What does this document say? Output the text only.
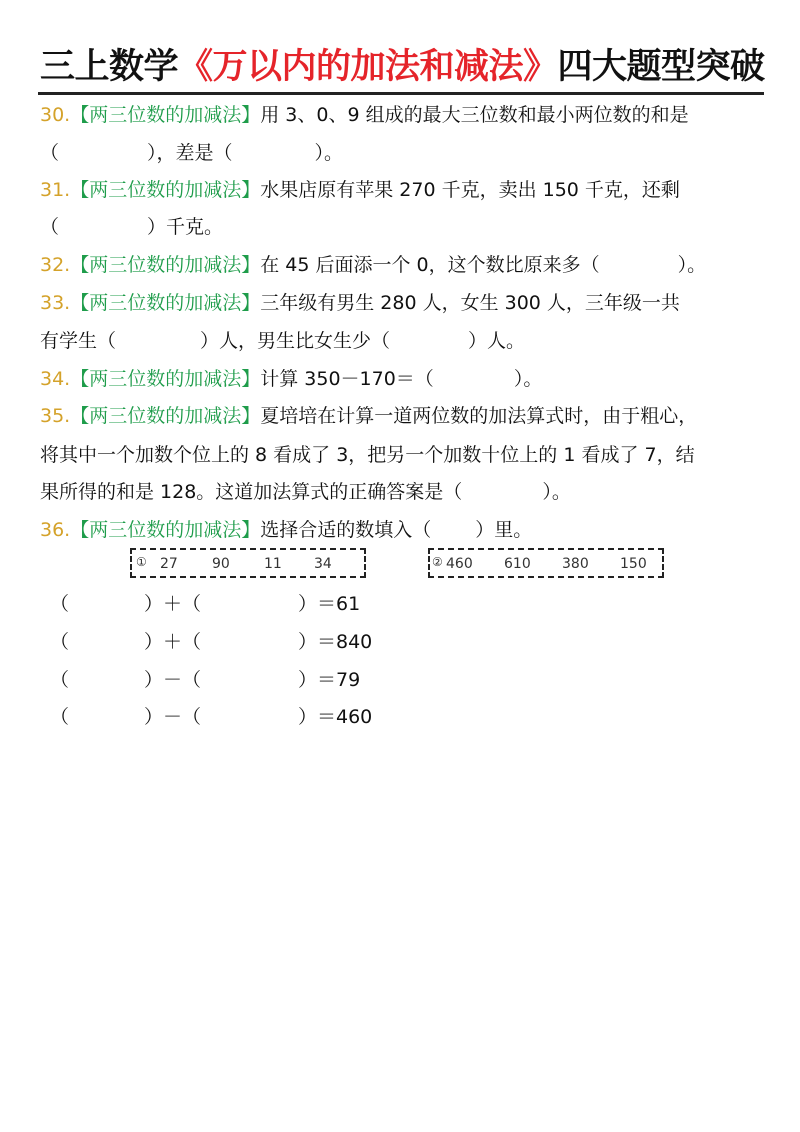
三上数学《万以内的加法和减法》四大题型突破
30.【两三位数的加减法】用 3、0、9 组成的最大三位数和最小两位数的和是
（	），差是（	）。
31.【两三位数的加减法】水果店原有苹果 270 千克，卖出 150 千克，还剩
（	）千克。
32.【两三位数的加减法】在 45 后面添一个 0，这个数比原来多（	）。
33.【两三位数的加减法】三年级有男生 280 人，女生 300 人，三年级一共
有学生（	）人，男生比女生少（	）人。
34.【两三位数的加减法】计算 350－170＝（	）。
35.【两三位数的加减法】夏培培在计算一道两位数的加法算式时，由于粗心，
将其中一个加数个位上的 8 看成了 3，把另一个加数十位上的 1 看成了 7，结
果所得的和是 128。这道加法算式的正确答案是（	）。
36.【两三位数的加减法】选择合适的数填入（ ）里。
① 27 90 11 34	② 460 610 380 150
（	）＋（	）＝61
（	）＋（	）＝840
（	）－（	）＝79
（	）－（	）＝460
